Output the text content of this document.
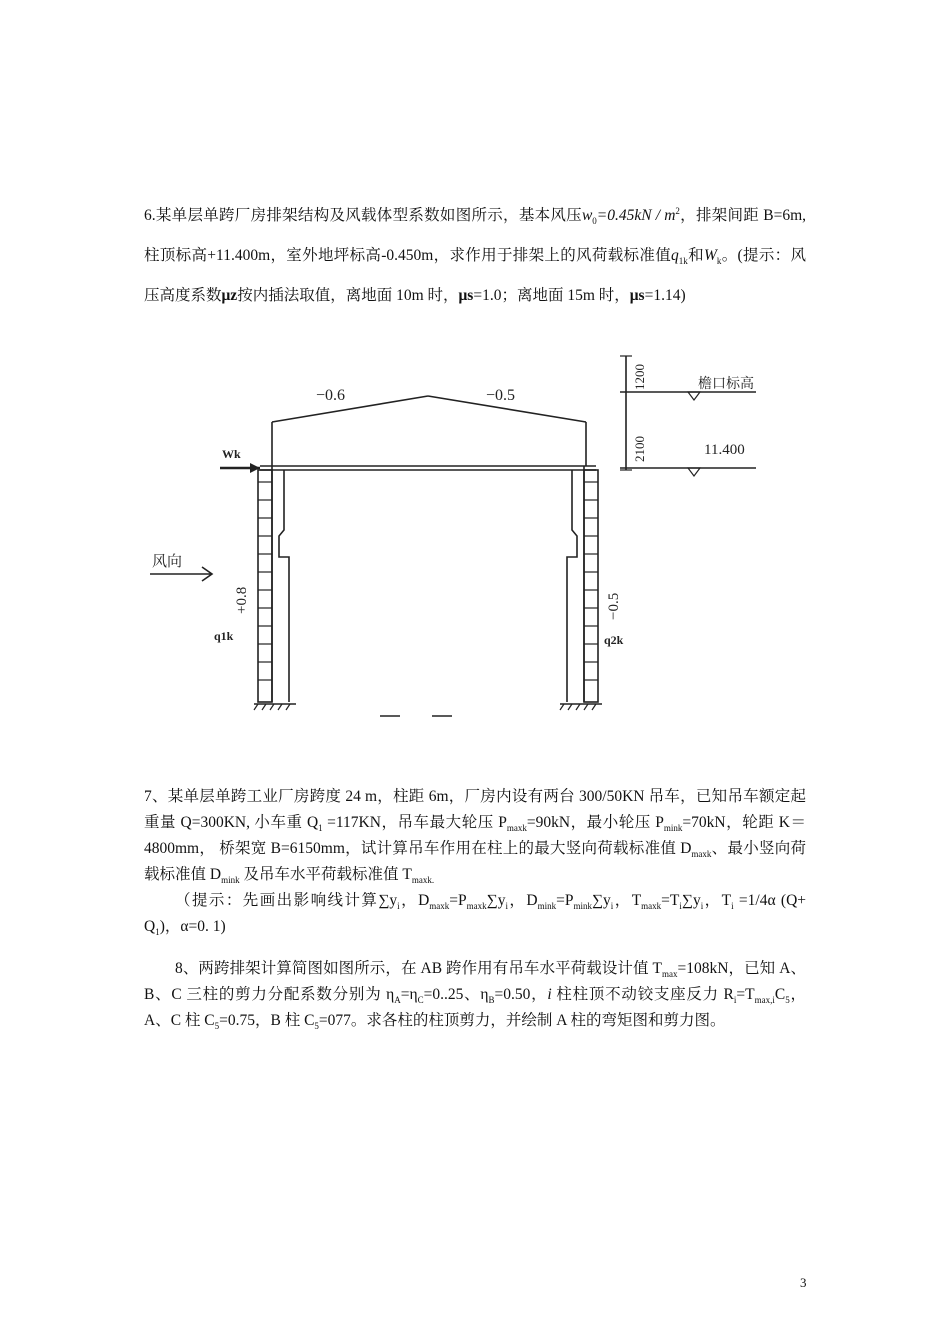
6.某单层单跨厂房排架结构及风载体型系数如图所示，基本风压$w_0=0.45kN / m^2$，排架间距 B=6m, 柱顶标高+11.400m，室外地坪标高-0.450m，求作用于排架上的风荷载标准值$q_{1k}$和$W_k$。(提示：风压高度系数μz按内插法取值，离地面 10m 时，μs=1.0；离地面 15m 时，μs=1.14)
−0.6	−0.5
Wk
风向
+0.8
q1k
−0.5
q2k
1200
2100
檐口标高
11.400
7、某单层单跨工业厂房跨度 24 m，柱距 6m，厂房内设有两台 300/50KN 吊车，已知吊车额定起重量 Q=300KN, 小车重 $Q_1 =117KN$，吊车最大轮压 $P_{maxk}=90kN$，最小轮压 $P_{mink}=70kN$，轮距 K＝4800mm， 桥架宽 B=6150mm，试计算吊车作用在柱上的最大竖向荷载标准值 $D_{maxk}$、最小竖向荷载标准值 $D_{mink}$ 及吊车水平荷载标准值 $T_{maxk.}$
（提示：先画出影响线计算$\sum y_i$，$D_{maxk}=P_{maxk}\sum y_i$，$D_{mink}=P_{mink}\sum y_i$，$T_{maxk}=T_i\sum y_i$，$T_i =1/4\alpha$ $(Q+ Q_1)$，α=0. 1)
8、两跨排架计算简图如图所示，在 AB 跨作用有吊车水平荷载设计值 $T_{max}=108kN$，已知 A、B、C 三柱的剪力分配系数分别为 $\eta_A=\eta_C=0..25$、$\eta_B=0.50$，i 柱柱顶不动铰支座反力 $R_i=T_{max,i}C_5$，A、C 柱 $C_5=0.75$，B 柱 $C_5=077$。求各柱的柱顶剪力，并绘制 A 柱的弯矩图和剪力图。
3
